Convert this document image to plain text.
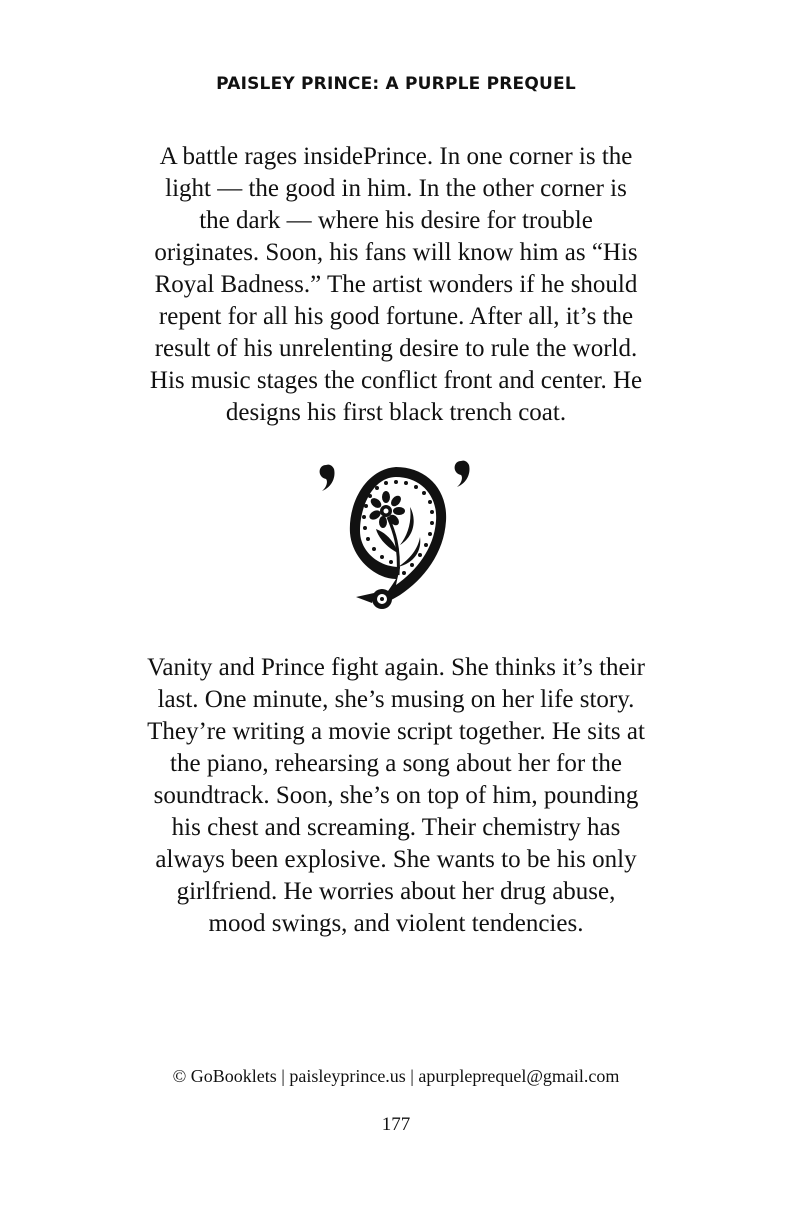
PAISLEY PRINCE: A PURPLE PREQUEL
A battle rages insidePrince. In one corner is the
light — the good in him. In the other corner is
the dark — where his desire for trouble
originates. Soon, his fans will know him as “His
Royal Badness.” The artist wonders if he should
repent for all his good fortune. After all, it’s the
result of his unrelenting desire to rule the world.
His music stages the conflict front and center. He
designs his first black trench coat.
Vanity and Prince fight again. She thinks it’s their
last. One minute, she’s musing on her life story.
They’re writing a movie script together. He sits at
the piano, rehearsing a song about her for the
soundtrack. Soon, she’s on top of him, pounding
his chest and screaming. Their chemistry has
always been explosive. She wants to be his only
girlfriend. He worries about her drug abuse,
mood swings, and violent tendencies.
© GoBooklets | paisleyprince.us | apurpleprequel@gmail.com
177
